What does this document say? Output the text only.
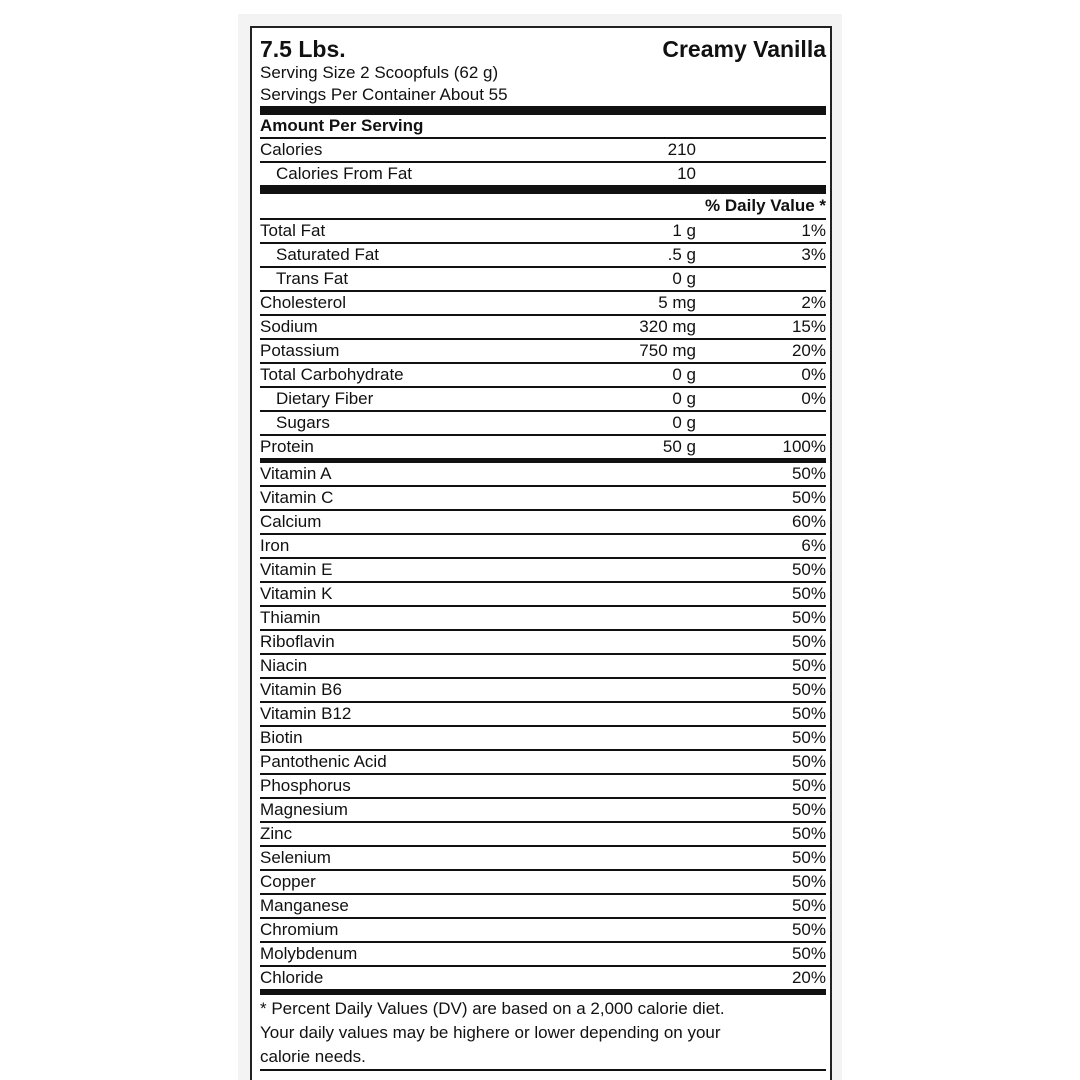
7.5 Lbs.	Creamy Vanilla
Serving Size 2 Scoopfuls (62 g)
Servings Per Container About 55
Amount Per Serving
Calories	210
Calories From Fat	10
% Daily Value *
Total Fat	1 g	1%
Saturated Fat	.5 g	3%
Trans Fat	0 g
Cholesterol	5 mg	2%
Sodium	320 mg	15%
Potassium	750 mg	20%
Total Carbohydrate	0 g	0%
Dietary Fiber	0 g	0%
Sugars	0 g
Protein	50 g	100%
Vitamin A	50%
Vitamin C	50%
Calcium	60%
Iron	6%
Vitamin E	50%
Vitamin K	50%
Thiamin	50%
Riboflavin	50%
Niacin	50%
Vitamin B6	50%
Vitamin B12	50%
Biotin	50%
Pantothenic Acid	50%
Phosphorus	50%
Magnesium	50%
Zinc	50%
Selenium	50%
Copper	50%
Manganese	50%
Chromium	50%
Molybdenum	50%
Chloride	20%
* Percent Daily Values (DV) are based on a 2,000 calorie diet.
Your daily values may be highere or lower depending on your
calorie needs.
